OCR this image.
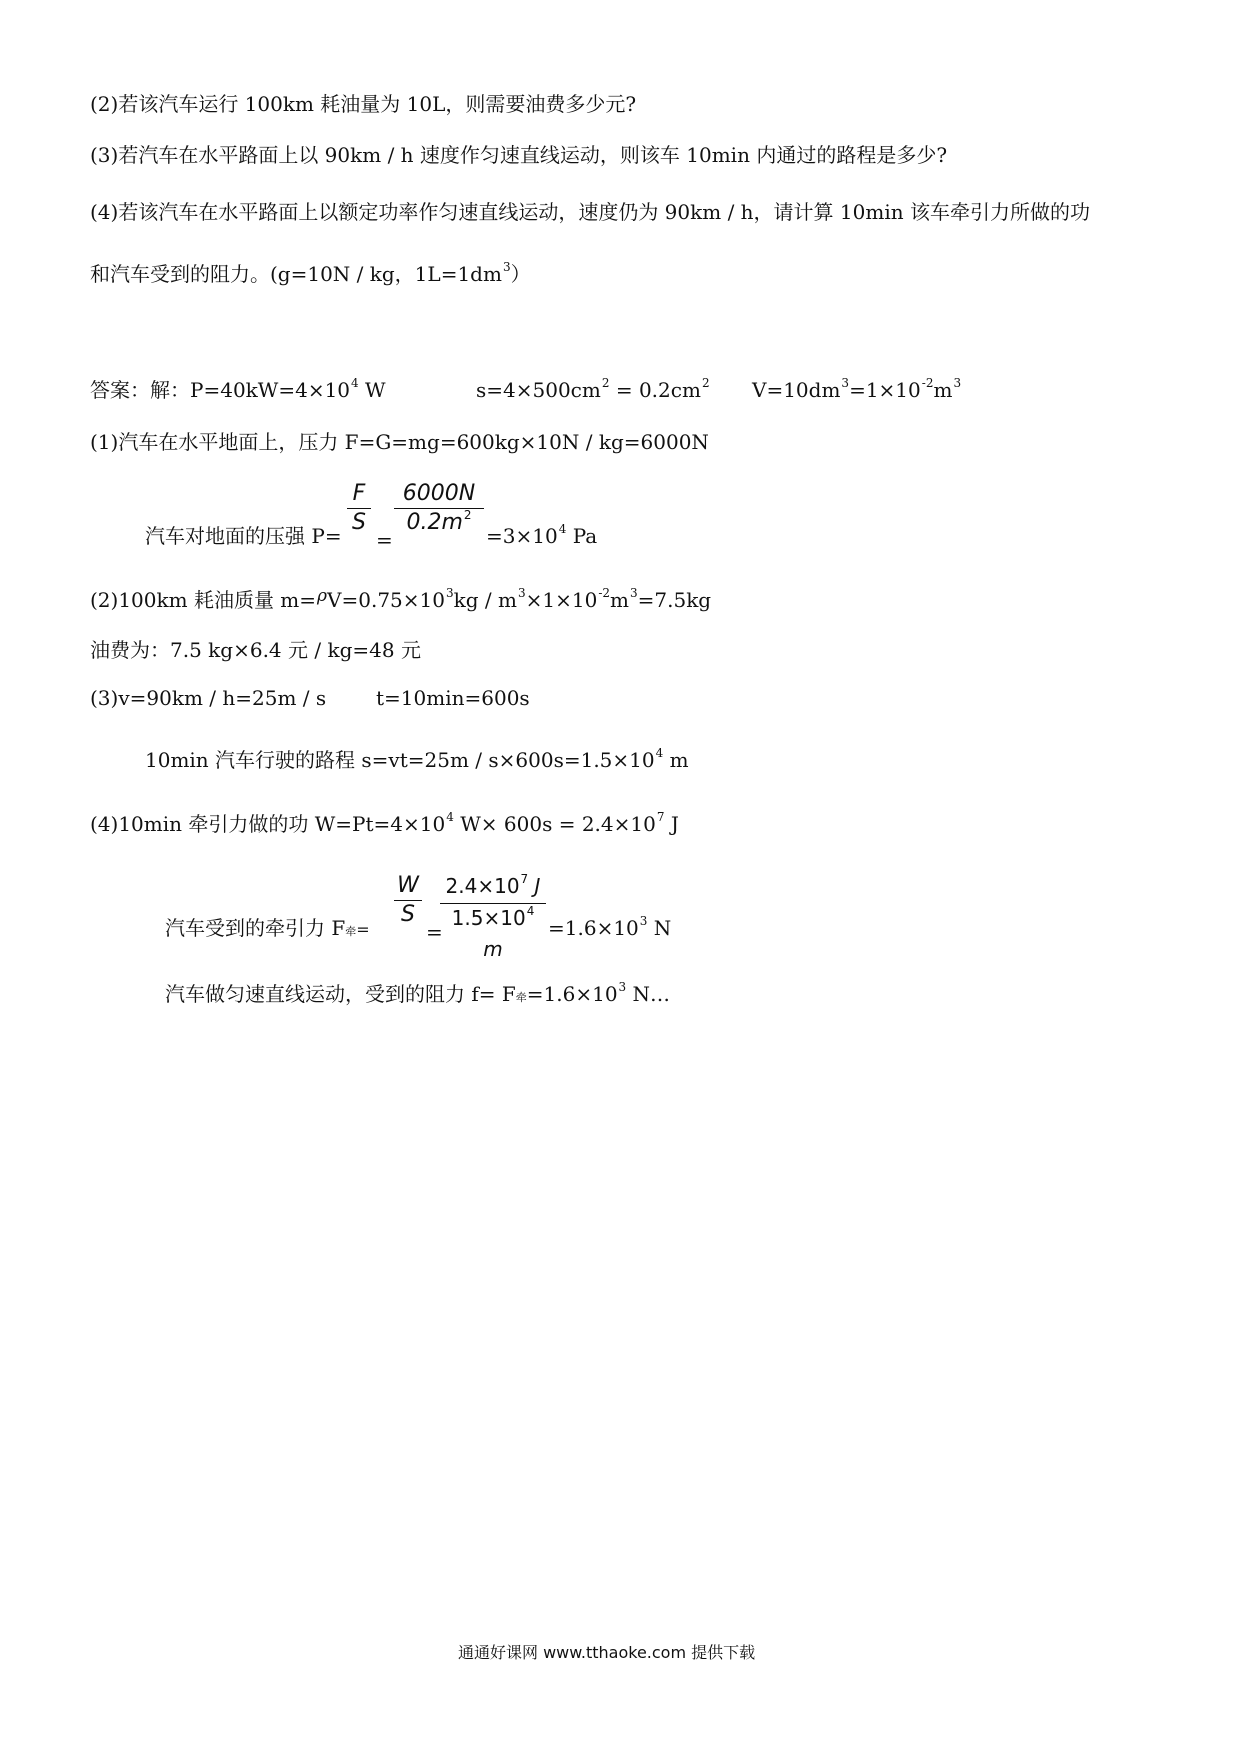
(2)若该汽车运行 100km 耗油量为 10L，则需要油费多少元?
(3)若汽车在水平路面上以 90km / h 速度作匀速直线运动，则该车 10min 内通过的路程是多少?
(4)若该汽车在水平路面上以额定功率作匀速直线运动，速度仍为 90km / h，请计算 10min 该车牵引力所做的功
和汽车受到的阻力。(g=10N / kg，$1L=1dm^3$）
答案：解：$P=40kW=4\times 10^4$ W	$s=4\times 500cm^2 = 0.2cm^2$ $V=10dm^3=1\times 10^{-2}m^3$
(1)汽车在水平地面上，压力 F=G=mg=600kg×10N / kg=6000N
汽车对地面的压强 P=
F
S
=
6000N
$0.2m^2$
$=3\times 10^4$ Pa
(2)100km 耗油质量 $m=^\rho V=0.75\times 10^3kg / m^3\times 1\times 10^{-2}m^3=7.5kg$
油费为：7.5 kg×6.4 元 / kg=48 元
(3)v=90km / h=25m / s t=10min=600s
10min 汽车行驶的路程 $s=vt=25m / s\times 600s=1.5\times 10^4$ m
(4)10min 牵引力做的功 $W=Pt=4\times 10^4$ $W\times 600s = 2.4\times 10^7$ J
汽车受到的牵引力 F牵=
W
S
=
$2.4\times 10^7$ J
$1.5\times 10^4$ m
$=1.6\times 10^3$ N
汽车做匀速直线运动，受到的阻力 f= F牵$=1.6\times 10^3$ N…
通通好课网 www.tthaoke.com 提供下载
